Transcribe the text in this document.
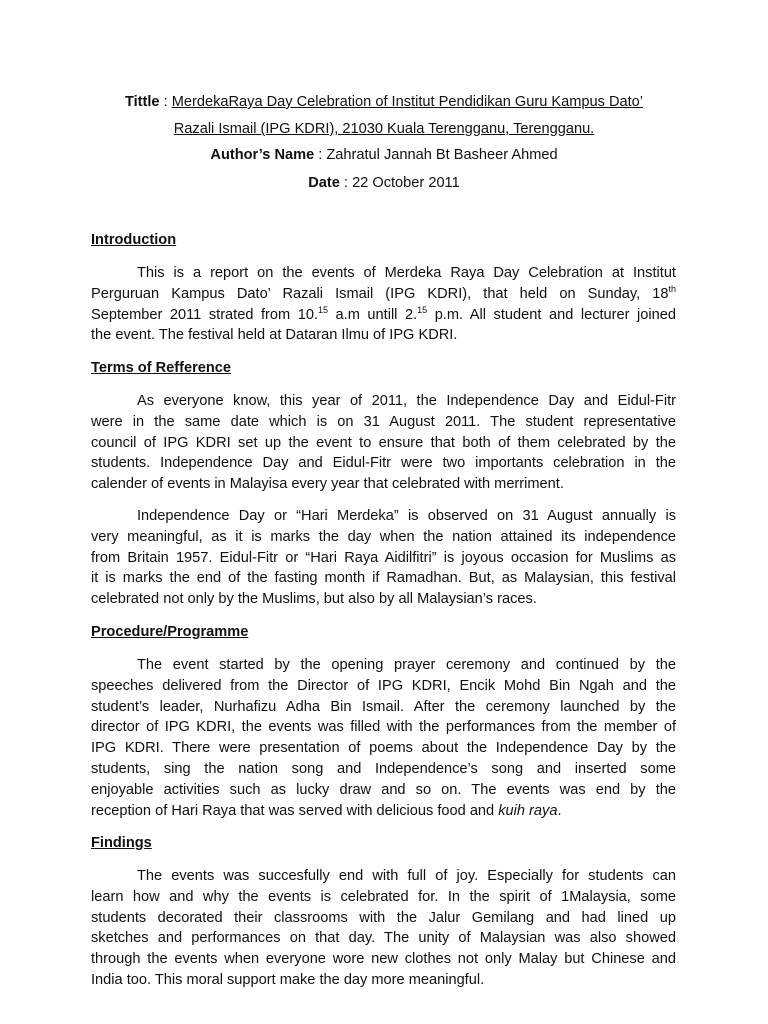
Tittle : MerdekaRaya Day Celebration of Institut Pendidikan Guru Kampus Dato’
Razali Ismail (IPG KDRI), 21030 Kuala Terengganu, Terengganu.
Author’s Name : Zahratul Jannah Bt Basheer Ahmed
Date : 22 October 2011
Introduction
This is a report on the events of Merdeka Raya Day Celebration at Institut
Perguruan Kampus Dato’ Razali Ismail (IPG KDRI), that held on Sunday, 18th
September 2011 strated from 10.15 a.m untill 2.15 p.m. All student and lecturer joined
the event. The festival held at Dataran Ilmu of IPG KDRI.
Terms of Refference
As everyone know, this year of 2011, the Independence Day and Eidul-Fitr
were in the same date which is on 31 August 2011. The student representative
council of IPG KDRI set up the event to ensure that both of them celebrated by the
students. Independence Day and Eidul-Fitr were two importants celebration in the
calender of events in Malayisa every year that celebrated with merriment.
Independence Day or “Hari Merdeka” is observed on 31 August annually is
very meaningful, as it is marks the day when the nation attained its independence
from Britain 1957. Eidul-Fitr or “Hari Raya Aidilfitri” is joyous occasion for Muslims as
it is marks the end of the fasting month if Ramadhan. But, as Malaysian, this festival
celebrated not only by the Muslims, but also by all Malaysian’s races.
Procedure/Programme
The event started by the opening prayer ceremony and continued by the
speeches delivered from the Director of IPG KDRI, Encik Mohd Bin Ngah and the
student’s leader, Nurhafizu Adha Bin Ismail. After the ceremony launched by the
director of IPG KDRI, the events was filled with the performances from the member of
IPG KDRI. There were presentation of poems about the Independence Day by the
students, sing the nation song and Independence’s song and inserted some
enjoyable activities such as lucky draw and so on. The events was end by the
reception of Hari Raya that was served with delicious food and kuih raya.
Findings
The events was succesfully end with full of joy. Especially for students can
learn how and why the events is celebrated for. In the spirit of 1Malaysia, some
students decorated their classrooms with the Jalur Gemilang and had lined up
sketches and performances on that day. The unity of Malaysian was also showed
through the events when everyone wore new clothes not only Malay but Chinese and
India too. This moral support make the day more meaningful.
